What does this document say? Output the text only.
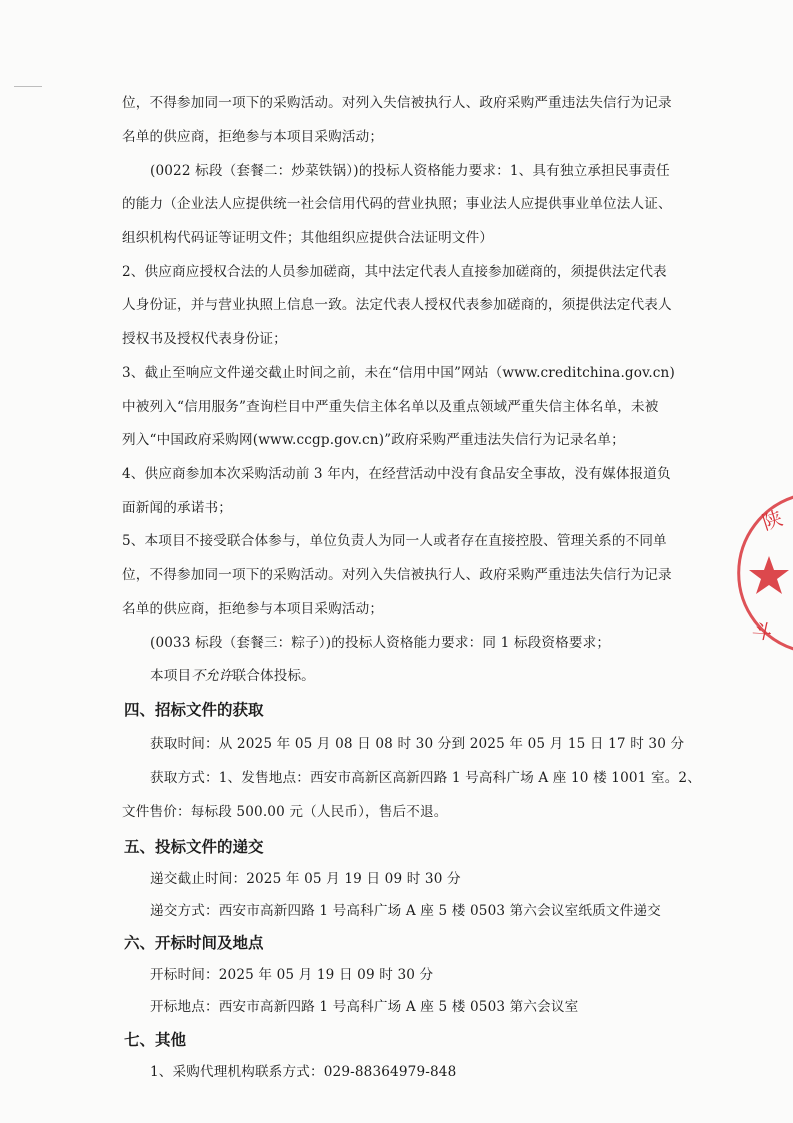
位，不得参加同一项下的采购活动。对列入失信被执行人、政府采购严重违法失信行为记录
名单的供应商，拒绝参与本项目采购活动；
(0022 标段（套餐二：炒菜铁锅）)的投标人资格能力要求：1、具有独立承担民事责任
的能力（企业法人应提供统一社会信用代码的营业执照；事业法人应提供事业单位法人证、
组织机构代码证等证明文件；其他组织应提供合法证明文件）
2、供应商应授权合法的人员参加磋商，其中法定代表人直接参加磋商的，须提供法定代表
人身份证，并与营业执照上信息一致。法定代表人授权代表参加磋商的，须提供法定代表人
授权书及授权代表身份证；
3、截止至响应文件递交截止时间之前，未在“信用中国”网站（www.creditchina.gov.cn)
中被列入“信用服务”查询栏目中严重失信主体名单以及重点领域严重失信主体名单，未被
列入“中国政府采购网(www.ccgp.gov.cn)”政府采购严重违法失信行为记录名单；
4、供应商参加本次采购活动前 3 年内，在经营活动中没有食品安全事故，没有媒体报道负
面新闻的承诺书；
5、本项目不接受联合体参与，单位负责人为同一人或者存在直接控股、管理关系的不同单
位，不得参加同一项下的采购活动。对列入失信被执行人、政府采购严重违法失信行为记录
名单的供应商，拒绝参与本项目采购活动；
(0033 标段（套餐三：粽子）)的投标人资格能力要求：同 1 标段资格要求；
本项目不允许联合体投标。
四、招标文件的获取
获取时间：从 2025 年 05 月 08 日 08 时 30 分到 2025 年 05 月 15 日 17 时 30 分
获取方式：1、发售地点：西安市高新区高新四路 1 号高科广场 A 座 10 楼 1001 室。2、
文件售价：每标段 500.00 元（人民币），售后不退。
五、投标文件的递交
递交截止时间：2025 年 05 月 19 日 09 时 30 分
递交方式：西安市高新四路 1 号高科广场 A 座 5 楼 0503 第六会议室纸质文件递交
六、开标时间及地点
开标时间：2025 年 05 月 19 日 09 时 30 分
开标地点：西安市高新四路 1 号高科广场 A 座 5 楼 0503 第六会议室
七、其他
1、采购代理机构联系方式：029-88364979-848
陕
斗
